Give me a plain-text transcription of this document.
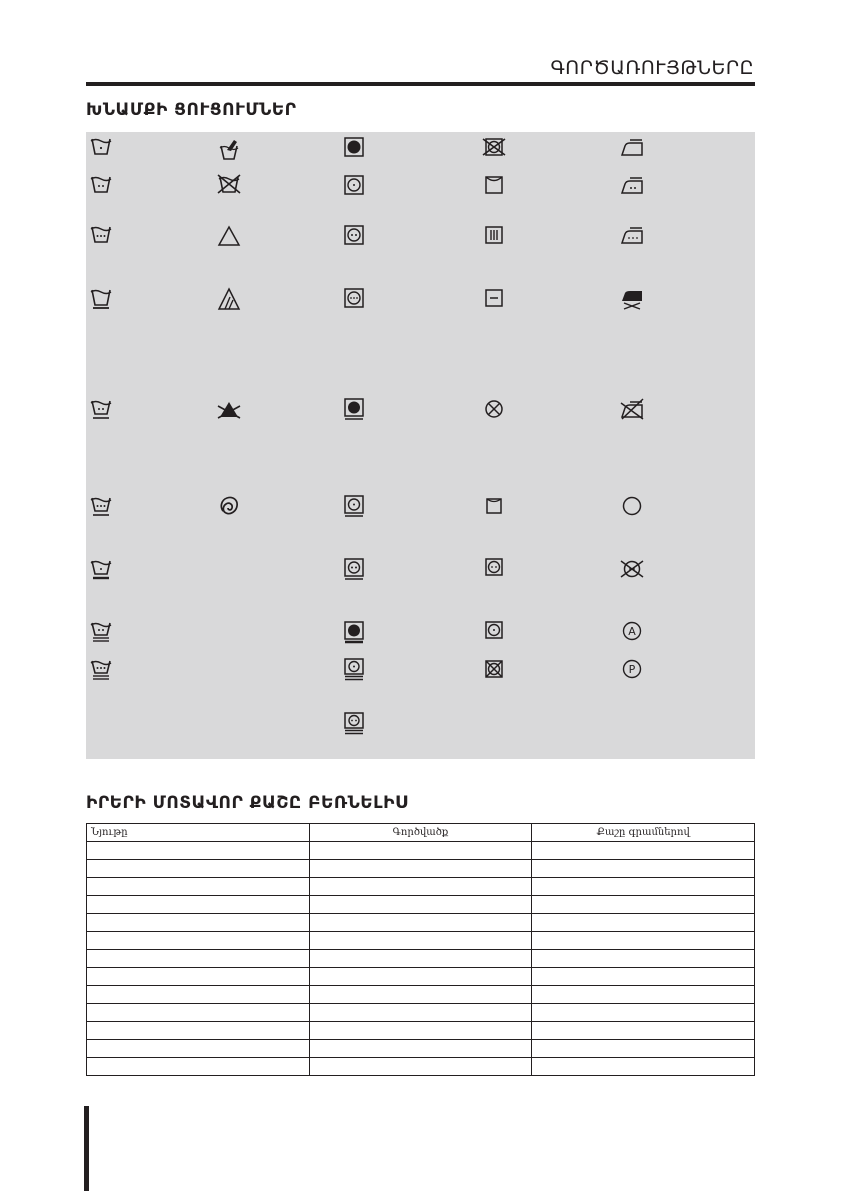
ԳՈՐԾԱՌՈՒՅԹՆԵՐԸ
ԽՆԱՄՔԻ ՑՈՒՑՈՒՄՆԵՐ
A
P
ԻՐԵՐԻ ՄՈՏԱՎՈՐ ՔԱՇԸ ԲԵՌՆԵԼԻՍ
Նյութը	Գործվածք	Քաշը գրամներով
